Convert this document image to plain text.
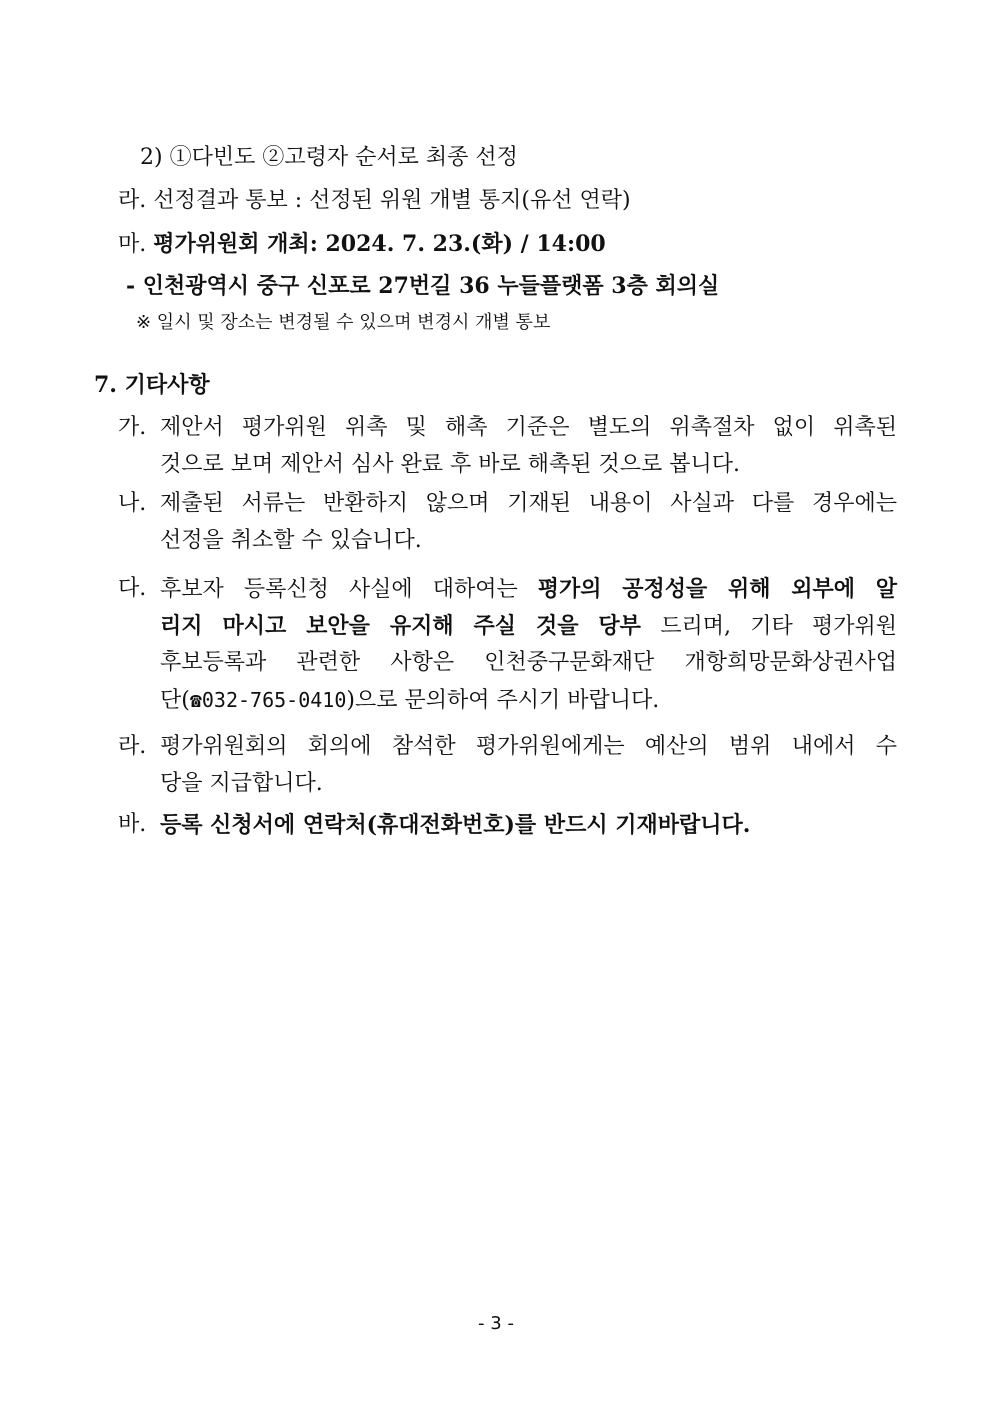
2) ①다빈도 ②고령자 순서로 최종 선정
라. 선정결과 통보 : 선정된 위원 개별 통지(유선 연락)
마. 평가위원회 개최: 2024. 7. 23.(화) / 14:00
- 인천광역시 중구 신포로 27번길 36 누들플랫폼 3층 회의실
※ 일시 및 장소는 변경될 수 있으며 변경시 개별 통보
7. 기타사항
가. 제안서 평가위원 위촉 및 해촉 기준은 별도의 위촉절차 없이 위촉된
것으로 보며 제안서 심사 완료 후 바로 해촉된 것으로 봅니다.
나. 제출된 서류는 반환하지 않으며 기재된 내용이 사실과 다를 경우에는
선정을 취소할 수 있습니다.
다. 후보자 등록신청 사실에 대하여는 평가의 공정성을 위해 외부에 알
리지 마시고 보안을 유지해 주실 것을 당부 드리며, 기타 평가위원
후보등록과 관련한 사항은 인천중구문화재단 개항희망문화상권사업
단(☎032-765-0410)으로 문의하여 주시기 바랍니다.
라. 평가위원회의 회의에 참석한 평가위원에게는 예산의 범위 내에서 수
당을 지급합니다.
바. 등록 신청서에 연락처(휴대전화번호)를 반드시 기재바랍니다.
- 3 -
